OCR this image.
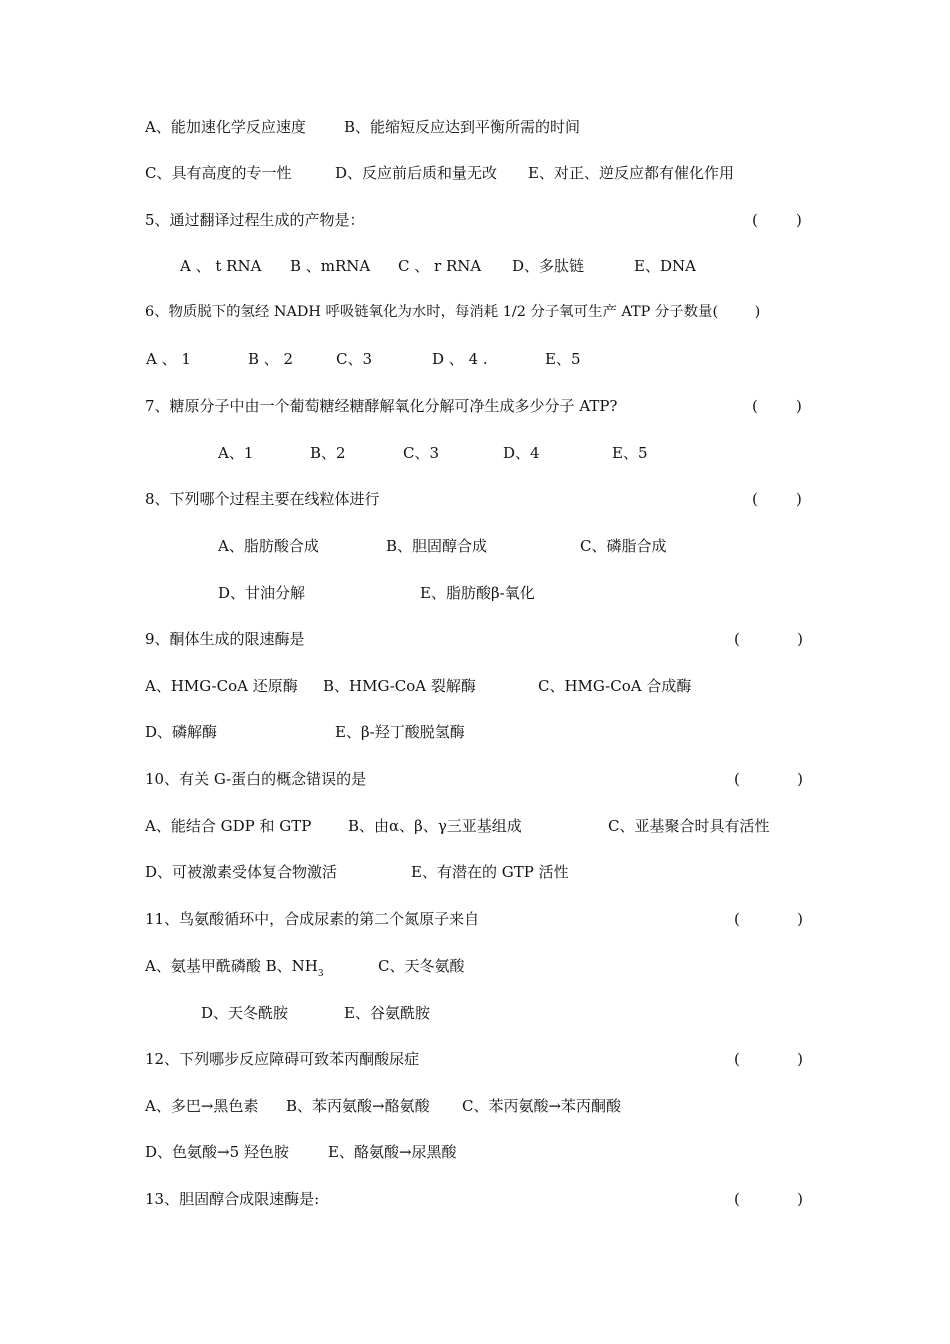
A、能加速化学反应速度	B、能缩短反应达到平衡所需的时间
C、具有高度的专一性	D、反应前后质和量无改 E、对正、逆反应都有催化作用
5、通过翻译过程生成的产物是：	(        )
A 、 t RNA B 、mRNA C 、 r RNA D、多肽链	E、DNA
6、物质脱下的氢经 NADH 呼吸链氧化为水时，每消耗 1/2 分子氧可生产 ATP 分子数量(        )
A 、 1	B 、 2	C、3	D 、 4 .	E、5
7、糖原分子中由一个葡萄糖经糖酵解氧化分解可净生成多少分子 ATP?	(        )
A、1	B、2	C、3	D、4	E、5
8、下列哪个过程主要在线粒体进行	(        )
A、脂肪酸合成	B、胆固醇合成	C、磷脂合成
D、甘油分解	E、脂肪酸β-氧化
9、酮体生成的限速酶是	(            )
A、HMG-CoA 还原酶 B、HMG-CoA 裂解酶	C、HMG-CoA 合成酶
D、磷解酶	E、β-羟丁酸脱氢酶
10、有关 G-蛋白的概念错误的是	(            )
A、能结合 GDP 和 GTP B、由α、β、γ三亚基组成	C、亚基聚合时具有活性
D、可被激素受体复合物激活	E、有潜在的 GTP 活性
11、鸟氨酸循环中，合成尿素的第二个氮原子来自	(            )
A、氨基甲酰磷酸 B、$NH_3$	C、天冬氨酸
D、天冬酰胺	E、谷氨酰胺
12、下列哪步反应障碍可致苯丙酮酸尿症	(            )
A、多巴→黑色素 B、苯丙氨酸→酪氨酸 C、苯丙氨酸→苯丙酮酸
D、色氨酸→5 羟色胺	E、酪氨酸→尿黑酸
13、胆固醇合成限速酶是:	(            )
